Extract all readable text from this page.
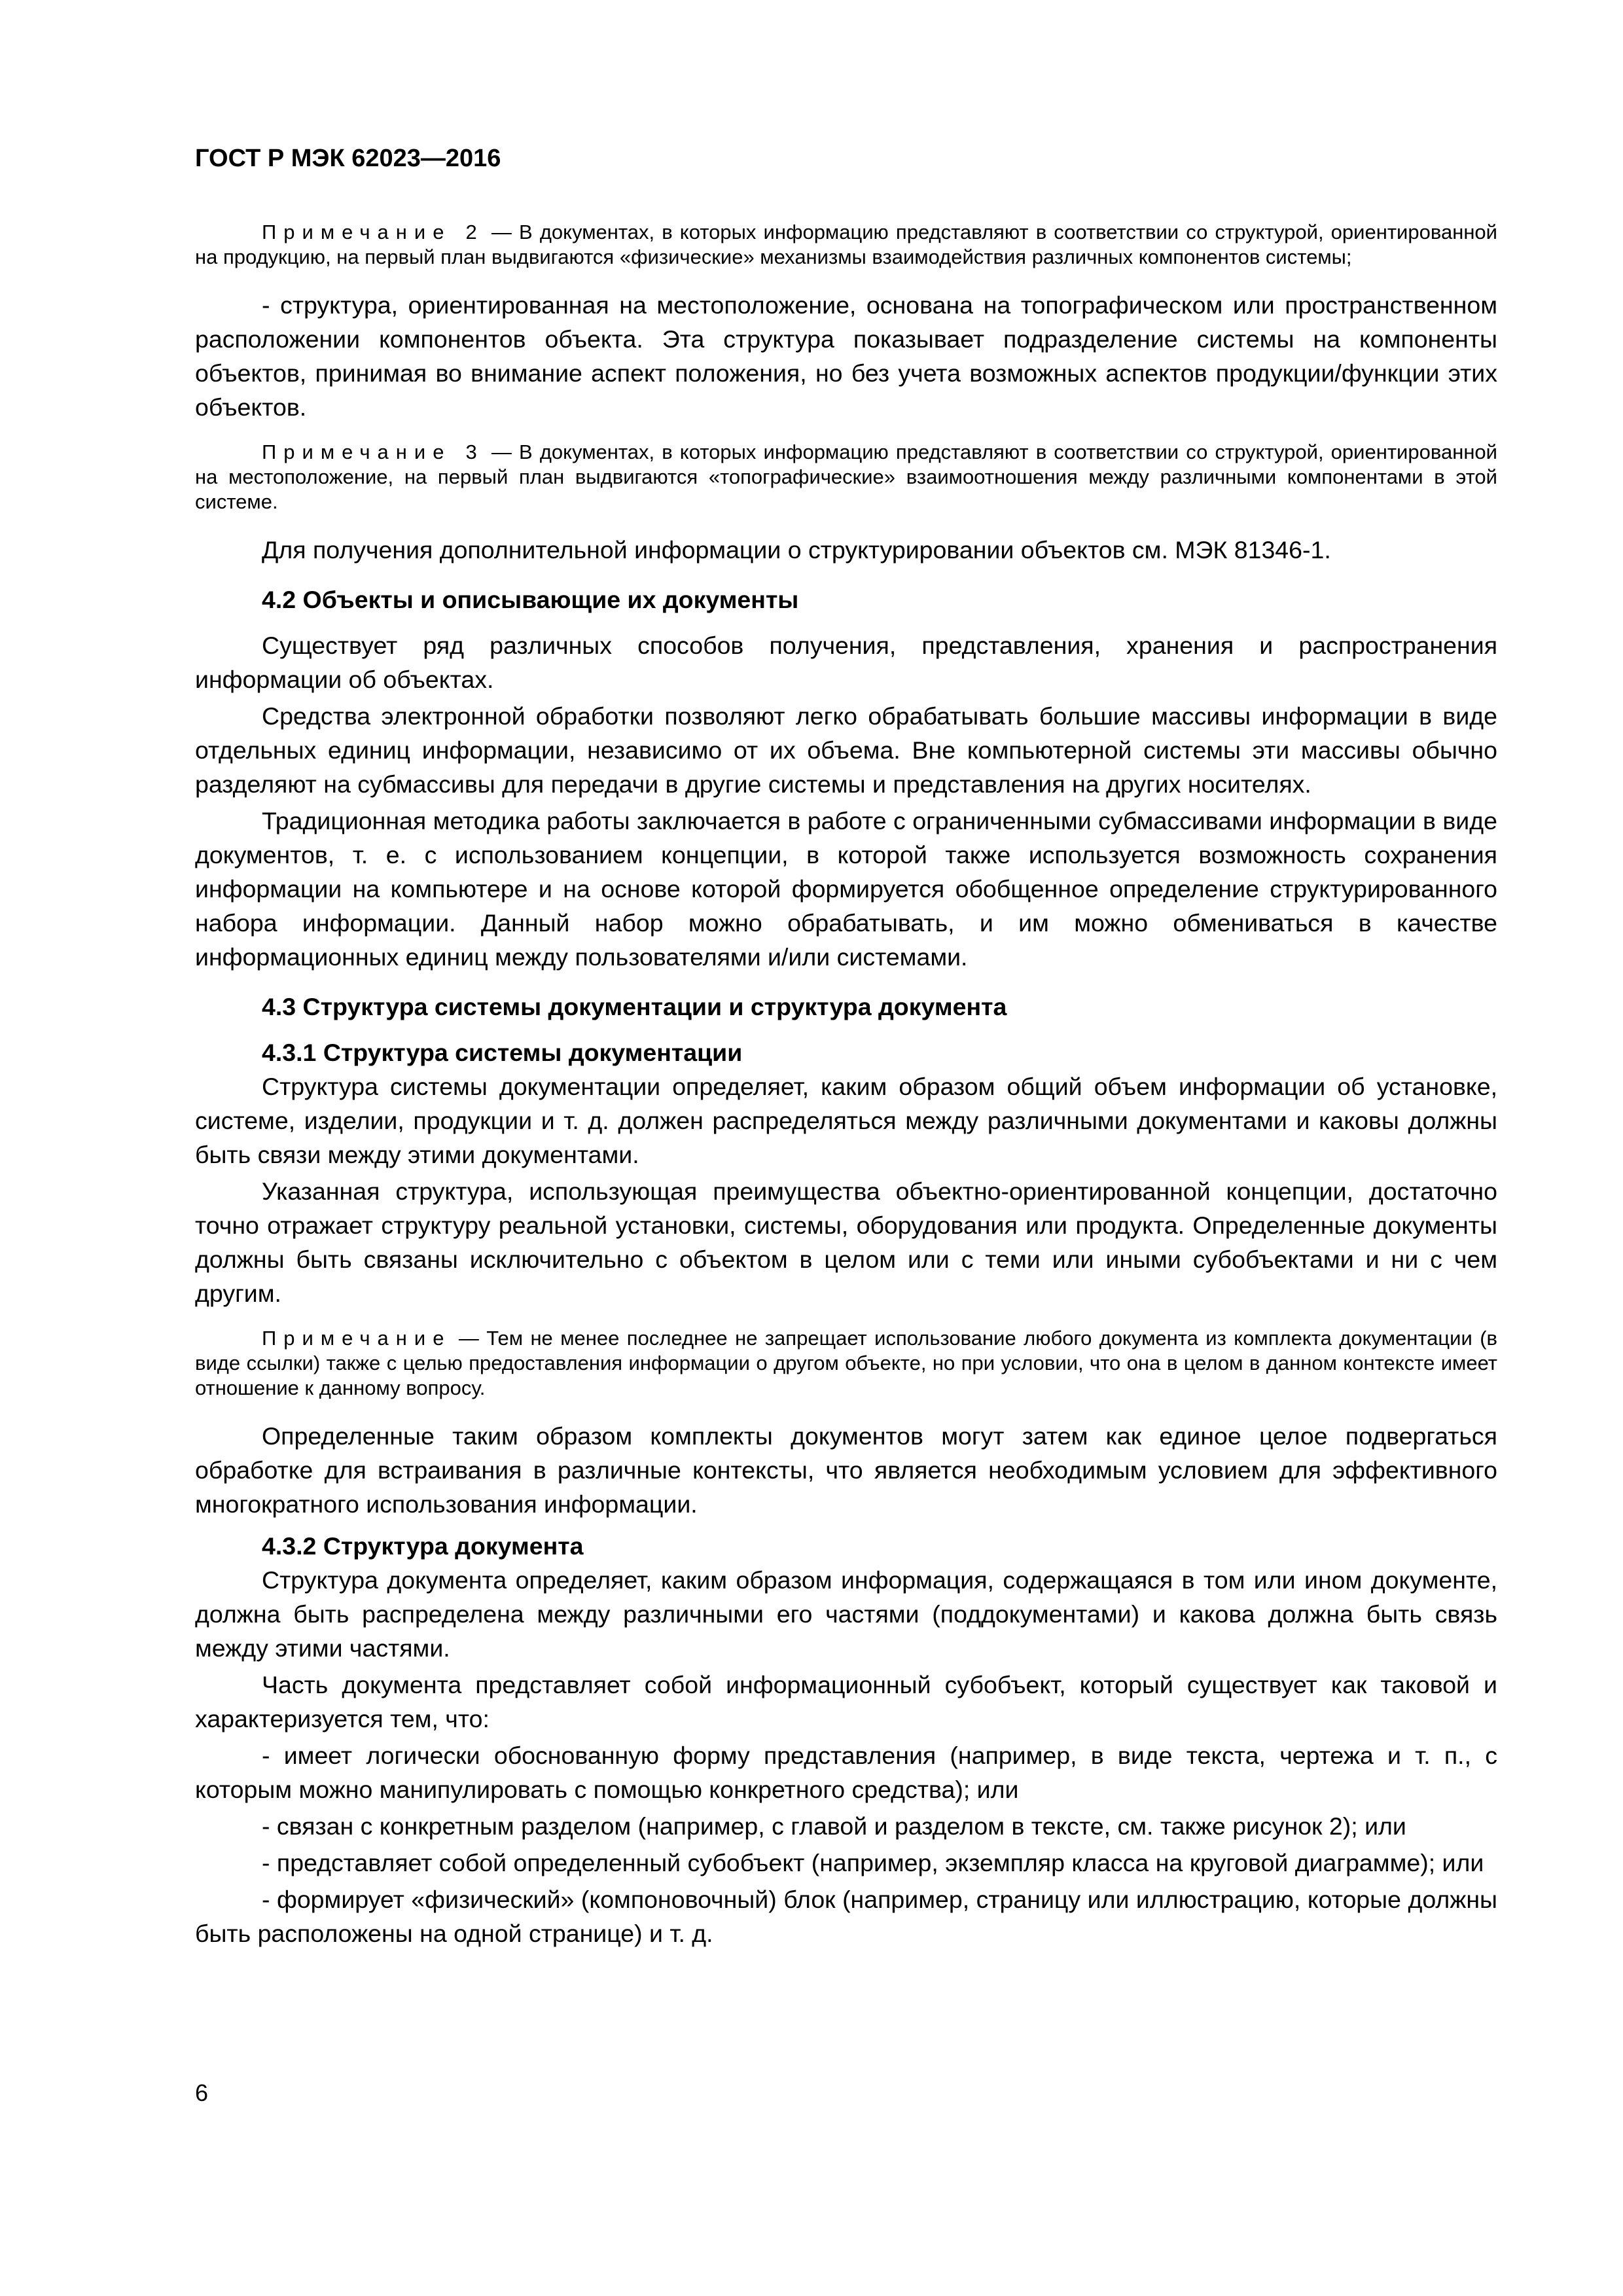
ГОСТ Р МЭК 62023—2016

Примечание 2 — В документах, в которых информацию представляют в соответствии со структурой, ориентированной на продукцию, на первый план выдвигаются «физические» механизмы взаимодействия различных компонентов системы;

- структура, ориентированная на местоположение, основана на топографическом или пространственном расположении компонентов объекта. Эта структура показывает подразделение системы на компоненты объектов, принимая во внимание аспект положения, но без учета возможных аспектов продукции/функции этих объектов.

Примечание 3 — В документах, в которых информацию представляют в соответствии со структурой, ориентированной на местоположение, на первый план выдвигаются «топографические» взаимоотношения между различными компонентами в этой системе.

Для получения дополнительной информации о структурировании объектов см. МЭК 81346-1.

4.2 Объекты и описывающие их документы

Существует ряд различных способов получения, представления, хранения и распространения информации об объектах.

Средства электронной обработки позволяют легко обрабатывать большие массивы информации в виде отдельных единиц информации, независимо от их объема. Вне компьютерной системы эти массивы обычно разделяют на субмассивы для передачи в другие системы и представления на других носителях.

Традиционная методика работы заключается в работе с ограниченными субмассивами информации в виде документов, т. е. с использованием концепции, в которой также используется возможность сохранения информации на компьютере и на основе которой формируется обобщенное определение структурированного набора информации. Данный набор можно обрабатывать, и им можно обмениваться в качестве информационных единиц между пользователями и/или системами.

4.3 Структура системы документации и структура документа
4.3.1 Структура системы документации

Структура системы документации определяет, каким образом общий объем информации об установке, системе, изделии, продукции и т. д. должен распределяться между различными документами и каковы должны быть связи между этими документами.

Указанная структура, использующая преимущества объектно-ориентированной концепции, достаточно точно отражает структуру реальной установки, системы, оборудования или продукта. Определенные документы должны быть связаны исключительно с объектом в целом или с теми или иными субобъектами и ни с чем другим.

Примечание — Тем не менее последнее не запрещает использование любого документа из комплекта документации (в виде ссылки) также с целью предоставления информации о другом объекте, но при условии, что она в целом в данном контексте имеет отношение к данному вопросу.

Определенные таким образом комплекты документов могут затем как единое целое подвергаться обработке для встраивания в различные контексты, что является необходимым условием для эффективного многократного использования информации.

4.3.2 Структура документа

Структура документа определяет, каким образом информация, содержащаяся в том или ином документе, должна быть распределена между различными его частями (поддокументами) и какова должна быть связь между этими частями.

Часть документа представляет собой информационный субобъект, который существует как таковой и характеризуется тем, что:

- имеет логически обоснованную форму представления (например, в виде текста, чертежа и т. п., с которым можно манипулировать с помощью конкретного средства); или

- связан с конкретным разделом (например, с главой и разделом в тексте, см. также рисунок 2); или

- представляет собой определенный субобъект (например, экземпляр класса на круговой диаграмме); или

- формирует «физический» (компоновочный) блок (например, страницу или иллюстрацию, которые должны быть расположены на одной странице) и т. д.

6
